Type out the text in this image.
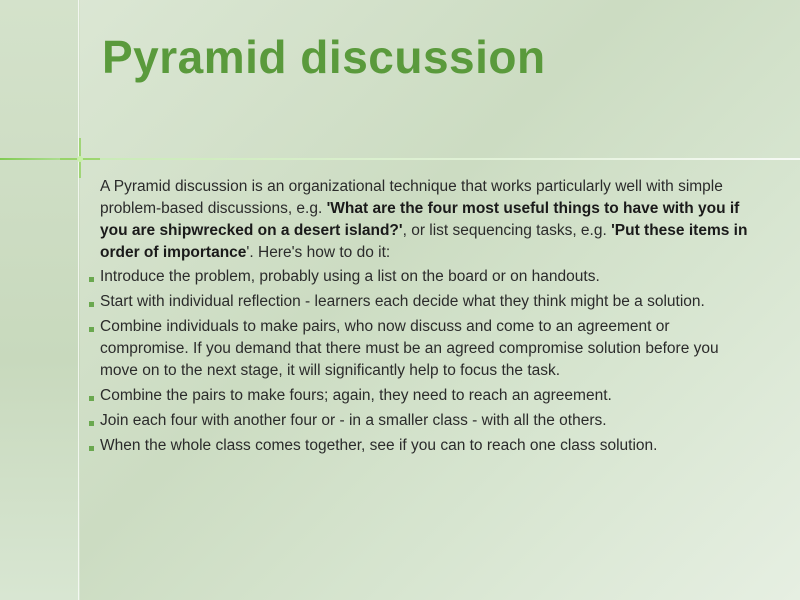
Pyramid discussion

A Pyramid discussion is an organizational technique that works particularly well with simple problem-based discussions, e.g. 'What are the four most useful things to have with you if you are shipwrecked on a desert island?', or list sequencing tasks, e.g. 'Put these items in order of importance'. Here's how to do it:

Introduce the problem, probably using a list on the board or on handouts.
Start with individual reflection - learners each decide what they think might be a solution.
Combine individuals to make pairs, who now discuss and come to an agreement or compromise. If you demand that there must be an agreed compromise solution before you move on to the next stage, it will significantly help to focus the task.
Combine the pairs to make fours; again, they need to reach an agreement.
Join each four with another four or - in a smaller class - with all the others.
When the whole class comes together, see if you can to reach one class solution.
